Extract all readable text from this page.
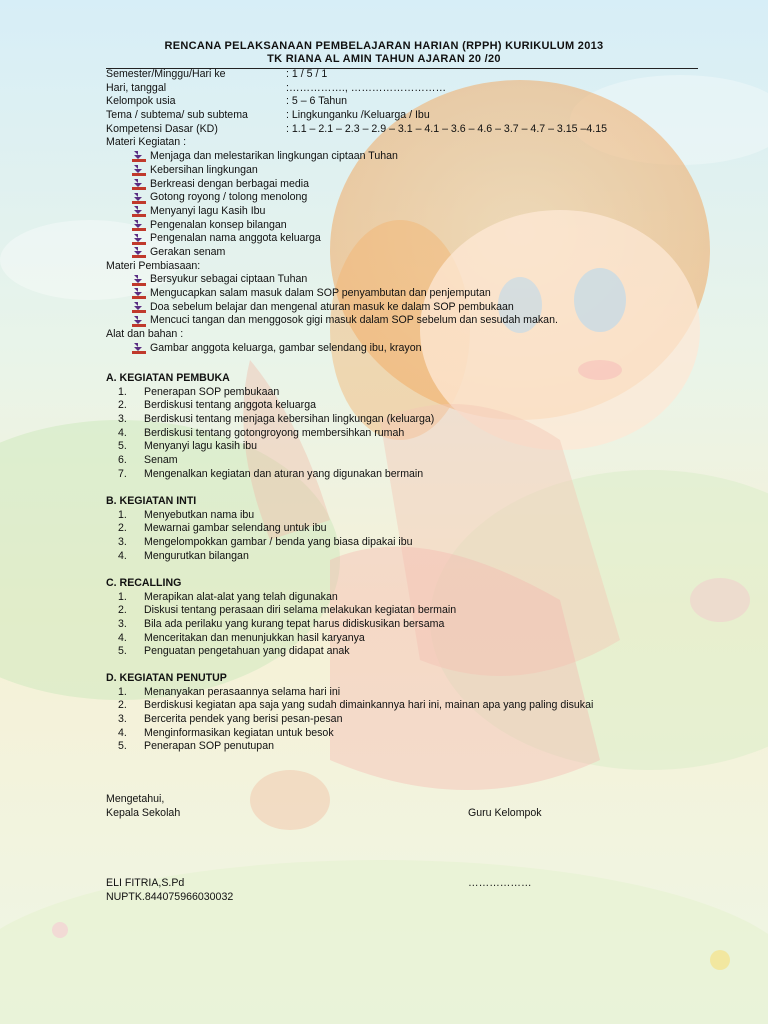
RENCANA PELAKSANAAN PEMBELAJARAN HARIAN (RPPH) KURIKULUM 2013
TK RIANA AL AMIN TAHUN AJARAN 20 /20
Semester/Minggu/Hari ke	: 1 / 5 / 1
Hari, tanggal	:……………., ………………………
Kelompok usia	: 5 – 6 Tahun
Tema / subtema/ sub subtema	: Lingkunganku /Keluarga / Ibu
Kompetensi Dasar (KD)	: 1.1 – 2.1 – 2.3 – 2.9 – 3.1 – 4.1 – 3.6 – 4.6 – 3.7 – 4.7 – 3.15 –4.15
Materi Kegiatan :
Menjaga dan melestarikan lingkungan ciptaan Tuhan
Kebersihan lingkungan
Berkreasi dengan berbagai media
Gotong royong / tolong menolong
Menyanyi lagu Kasih Ibu
Pengenalan konsep bilangan
Pengenalan nama anggota keluarga
Gerakan senam
Materi Pembiasaan:
Bersyukur sebagai ciptaan Tuhan
Mengucapkan salam masuk dalam SOP penyambutan dan penjemputan
Doa sebelum belajar dan mengenal aturan masuk ke dalam SOP pembukaan
Mencuci tangan dan menggosok gigi masuk dalam SOP sebelum dan sesudah makan.
Alat dan bahan :
Gambar anggota keluarga, gambar selendang ibu, krayon
A. KEGIATAN PEMBUKA
1.	Penerapan SOP pembukaan
2.	Berdiskusi tentang anggota keluarga
3.	Berdiskusi tentang menjaga kebersihan lingkungan (keluarga)
4.	Berdiskusi tentang gotongroyong membersihkan rumah
5.	Menyanyi lagu kasih ibu
6.	Senam
7.	Mengenalkan kegiatan dan aturan yang digunakan bermain
B. KEGIATAN INTI
1.	Menyebutkan nama ibu
2.	Mewarnai gambar selendang untuk ibu
3.	Mengelompokkan gambar / benda yang biasa dipakai ibu
4.	Mengurutkan bilangan
C. RECALLING
1.	Merapikan alat-alat yang telah digunakan
2.	Diskusi tentang perasaan diri selama melakukan kegiatan bermain
3.	Bila ada perilaku yang kurang tepat harus didiskusikan bersama
4.	Menceritakan dan menunjukkan hasil karyanya
5.	Penguatan pengetahuan yang didapat anak
D. KEGIATAN PENUTUP
1.	Menanyakan perasaannya selama hari ini
2.	Berdiskusi kegiatan apa saja yang sudah dimainkannya hari ini, mainan apa yang paling disukai
3.	Bercerita pendek yang berisi pesan-pesan
4.	Menginformasikan kegiatan untuk besok
5.	Penerapan SOP penutupan
Mengetahui,
Kepala Sekolah	Guru Kelompok
ELI FITRIA,S.Pd	………………
NUPTK.844075966030032
